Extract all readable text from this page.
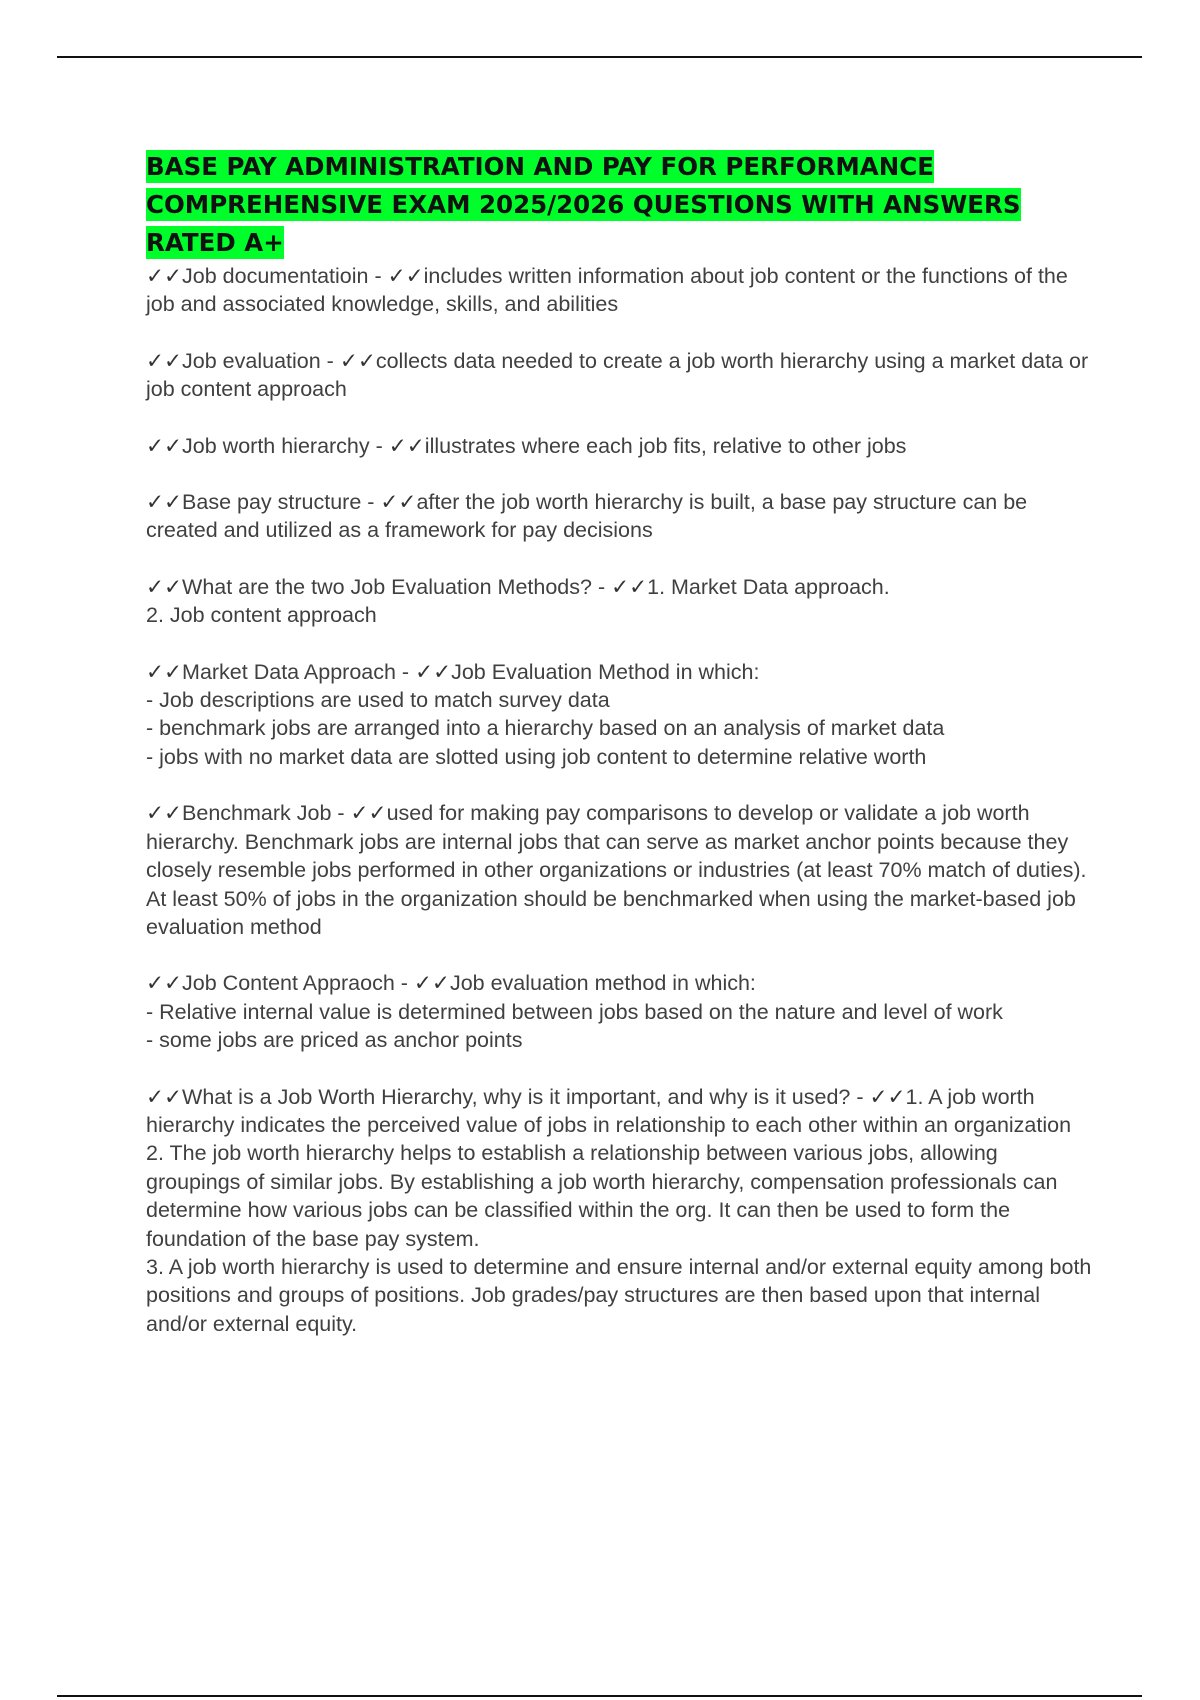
BASE PAY ADMINISTRATION AND PAY FOR PERFORMANCE COMPREHENSIVE EXAM 2025/2026 QUESTIONS WITH ANSWERS RATED A+

✓✓Job documentatioin - ✓✓includes written information about job content or the functions of the job and associated knowledge, skills, and abilities

✓✓Job evaluation - ✓✓collects data needed to create a job worth hierarchy using a market data or job content approach

✓✓Job worth hierarchy - ✓✓illustrates where each job fits, relative to other jobs

✓✓Base pay structure - ✓✓after the job worth hierarchy is built, a base pay structure can be created and utilized as a framework for pay decisions

✓✓What are the two Job Evaluation Methods? - ✓✓1. Market Data approach.
2. Job content approach

✓✓Market Data Approach - ✓✓Job Evaluation Method in which:
- Job descriptions are used to match survey data
- benchmark jobs are arranged into a hierarchy based on an analysis of market data
- jobs with no market data are slotted using job content to determine relative worth

✓✓Benchmark Job - ✓✓used for making pay comparisons to develop or validate a job worth hierarchy. Benchmark jobs are internal jobs that can serve as market anchor points because they closely resemble jobs performed in other organizations or industries (at least 70% match of duties). At least 50% of jobs in the organization should be benchmarked when using the market-based job evaluation method

✓✓Job Content Appraoch - ✓✓Job evaluation method in which:
- Relative internal value is determined between jobs based on the nature and level of work
- some jobs are priced as anchor points

✓✓What is a Job Worth Hierarchy, why is it important, and why is it used? - ✓✓1. A job worth hierarchy indicates the perceived value of jobs in relationship to each other within an organization
2. The job worth hierarchy helps to establish a relationship between various jobs, allowing groupings of similar jobs. By establishing a job worth hierarchy, compensation professionals can determine how various jobs can be classified within the org. It can then be used to form the foundation of the base pay system.
3. A job worth hierarchy is used to determine and ensure internal and/or external equity among both positions and groups of positions. Job grades/pay structures are then based upon that internal and/or external equity.
